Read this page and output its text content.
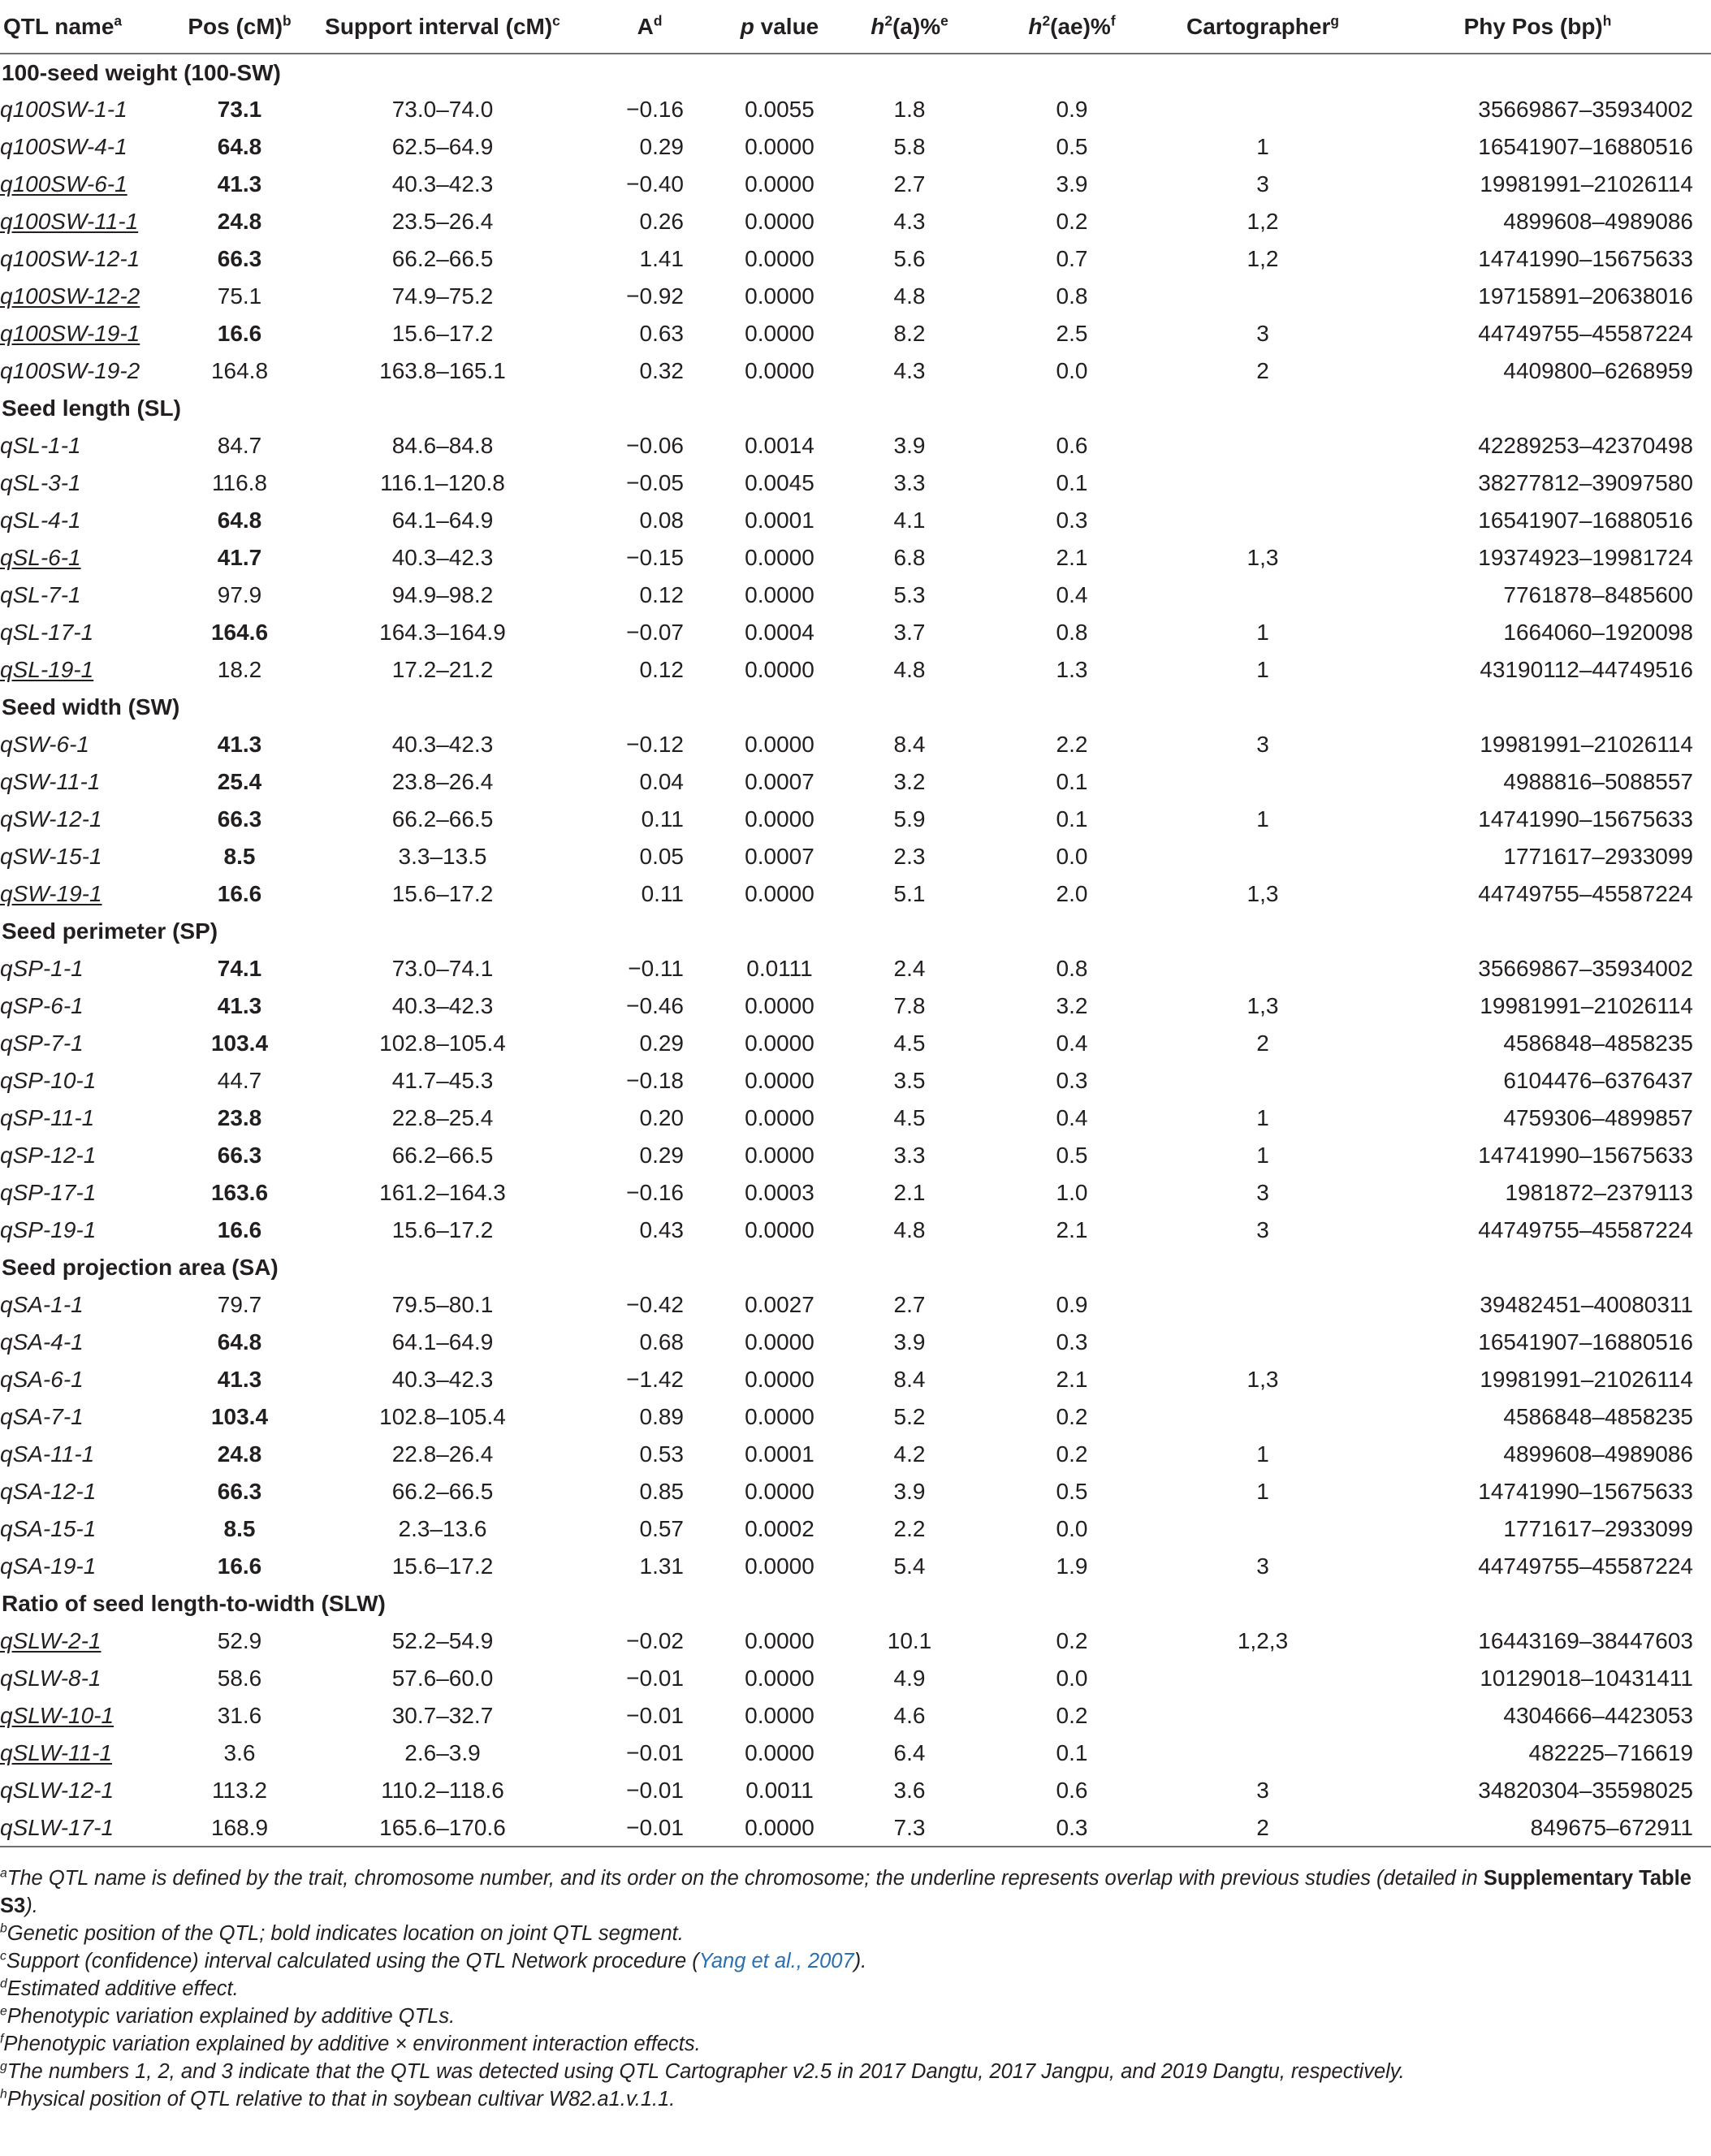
QTL name$^a$	Pos (cM)$^b$	Support interval (cM)$^c$	$A^d$	p value	$h^2(a)\%^e$	$h^2(ae)\%^f$	Cartographer$^g$	Phy Pos (bp)$^h$
100-seed weight (100-SW)								
q100SW-1-1	73.1	73.0–74.0	−0.16	0.0055	1.8	0.9		35669867–35934002
q100SW-4-1	64.8	62.5–64.9	0.29	0.0000	5.8	0.5	1	16541907–16880516
q100SW-6-1	41.3	40.3–42.3	−0.40	0.0000	2.7	3.9	3	19981991–21026114
q100SW-11-1	24.8	23.5–26.4	0.26	0.0000	4.3	0.2	1,2	4899608–4989086
q100SW-12-1	66.3	66.2–66.5	1.41	0.0000	5.6	0.7	1,2	14741990–15675633
q100SW-12-2	75.1	74.9–75.2	−0.92	0.0000	4.8	0.8		19715891–20638016
q100SW-19-1	16.6	15.6–17.2	0.63	0.0000	8.2	2.5	3	44749755–45587224
q100SW-19-2	164.8	163.8–165.1	0.32	0.0000	4.3	0.0	2	4409800–6268959
Seed length (SL)								
qSL-1-1	84.7	84.6–84.8	−0.06	0.0014	3.9	0.6		42289253–42370498
qSL-3-1	116.8	116.1–120.8	−0.05	0.0045	3.3	0.1		38277812–39097580
qSL-4-1	64.8	64.1–64.9	0.08	0.0001	4.1	0.3		16541907–16880516
qSL-6-1	41.7	40.3–42.3	−0.15	0.0000	6.8	2.1	1,3	19374923–19981724
qSL-7-1	97.9	94.9–98.2	0.12	0.0000	5.3	0.4		7761878–8485600
qSL-17-1	164.6	164.3–164.9	−0.07	0.0004	3.7	0.8	1	1664060–1920098
qSL-19-1	18.2	17.2–21.2	0.12	0.0000	4.8	1.3	1	43190112–44749516
Seed width (SW)								
qSW-6-1	41.3	40.3–42.3	−0.12	0.0000	8.4	2.2	3	19981991–21026114
qSW-11-1	25.4	23.8–26.4	0.04	0.0007	3.2	0.1		4988816–5088557
qSW-12-1	66.3	66.2–66.5	0.11	0.0000	5.9	0.1	1	14741990–15675633
qSW-15-1	8.5	3.3–13.5	0.05	0.0007	2.3	0.0		1771617–2933099
qSW-19-1	16.6	15.6–17.2	0.11	0.0000	5.1	2.0	1,3	44749755–45587224
Seed perimeter (SP)								
qSP-1-1	74.1	73.0–74.1	−0.11	0.0111	2.4	0.8		35669867–35934002
qSP-6-1	41.3	40.3–42.3	−0.46	0.0000	7.8	3.2	1,3	19981991–21026114
qSP-7-1	103.4	102.8–105.4	0.29	0.0000	4.5	0.4	2	4586848–4858235
qSP-10-1	44.7	41.7–45.3	−0.18	0.0000	3.5	0.3		6104476–6376437
qSP-11-1	23.8	22.8–25.4	0.20	0.0000	4.5	0.4	1	4759306–4899857
qSP-12-1	66.3	66.2–66.5	0.29	0.0000	3.3	0.5	1	14741990–15675633
qSP-17-1	163.6	161.2–164.3	−0.16	0.0003	2.1	1.0	3	1981872–2379113
qSP-19-1	16.6	15.6–17.2	0.43	0.0000	4.8	2.1	3	44749755–45587224
Seed projection area (SA)								
qSA-1-1	79.7	79.5–80.1	−0.42	0.0027	2.7	0.9		39482451–40080311
qSA-4-1	64.8	64.1–64.9	0.68	0.0000	3.9	0.3		16541907–16880516
qSA-6-1	41.3	40.3–42.3	−1.42	0.0000	8.4	2.1	1,3	19981991–21026114
qSA-7-1	103.4	102.8–105.4	0.89	0.0000	5.2	0.2		4586848–4858235
qSA-11-1	24.8	22.8–26.4	0.53	0.0001	4.2	0.2	1	4899608–4989086
qSA-12-1	66.3	66.2–66.5	0.85	0.0000	3.9	0.5	1	14741990–15675633
qSA-15-1	8.5	2.3–13.6	0.57	0.0002	2.2	0.0		1771617–2933099
qSA-19-1	16.6	15.6–17.2	1.31	0.0000	5.4	1.9	3	44749755–45587224
Ratio of seed length-to-width (SLW)								
qSLW-2-1	52.9	52.2–54.9	−0.02	0.0000	10.1	0.2	1,2,3	16443169–38447603
qSLW-8-1	58.6	57.6–60.0	−0.01	0.0000	4.9	0.0		10129018–10431411
qSLW-10-1	31.6	30.7–32.7	−0.01	0.0000	4.6	0.2		4304666–4423053
qSLW-11-1	3.6	2.6–3.9	−0.01	0.0000	6.4	0.1		482225–716619
qSLW-12-1	113.2	110.2–118.6	−0.01	0.0011	3.6	0.6	3	34820304–35598025
qSLW-17-1	168.9	165.6–170.6	−0.01	0.0000	7.3	0.3	2	849675–672911

$^a$The QTL name is defined by the trait, chromosome number, and its order on the chromosome; the underline represents overlap with previous studies (detailed in Supplementary Table S3).

$^b$Genetic position of the QTL; bold indicates location on joint QTL segment.

$^c$Support (confidence) interval calculated using the QTL Network procedure (Yang et al., 2007).

$^d$Estimated additive effect.

$^e$Phenotypic variation explained by additive QTLs.

$^f$Phenotypic variation explained by additive × environment interaction effects.

$^g$The numbers 1, 2, and 3 indicate that the QTL was detected using QTL Cartographer v2.5 in 2017 Dangtu, 2017 Jangpu, and 2019 Dangtu, respectively.

$^h$Physical position of QTL relative to that in soybean cultivar W82.a1.v.1.1.
